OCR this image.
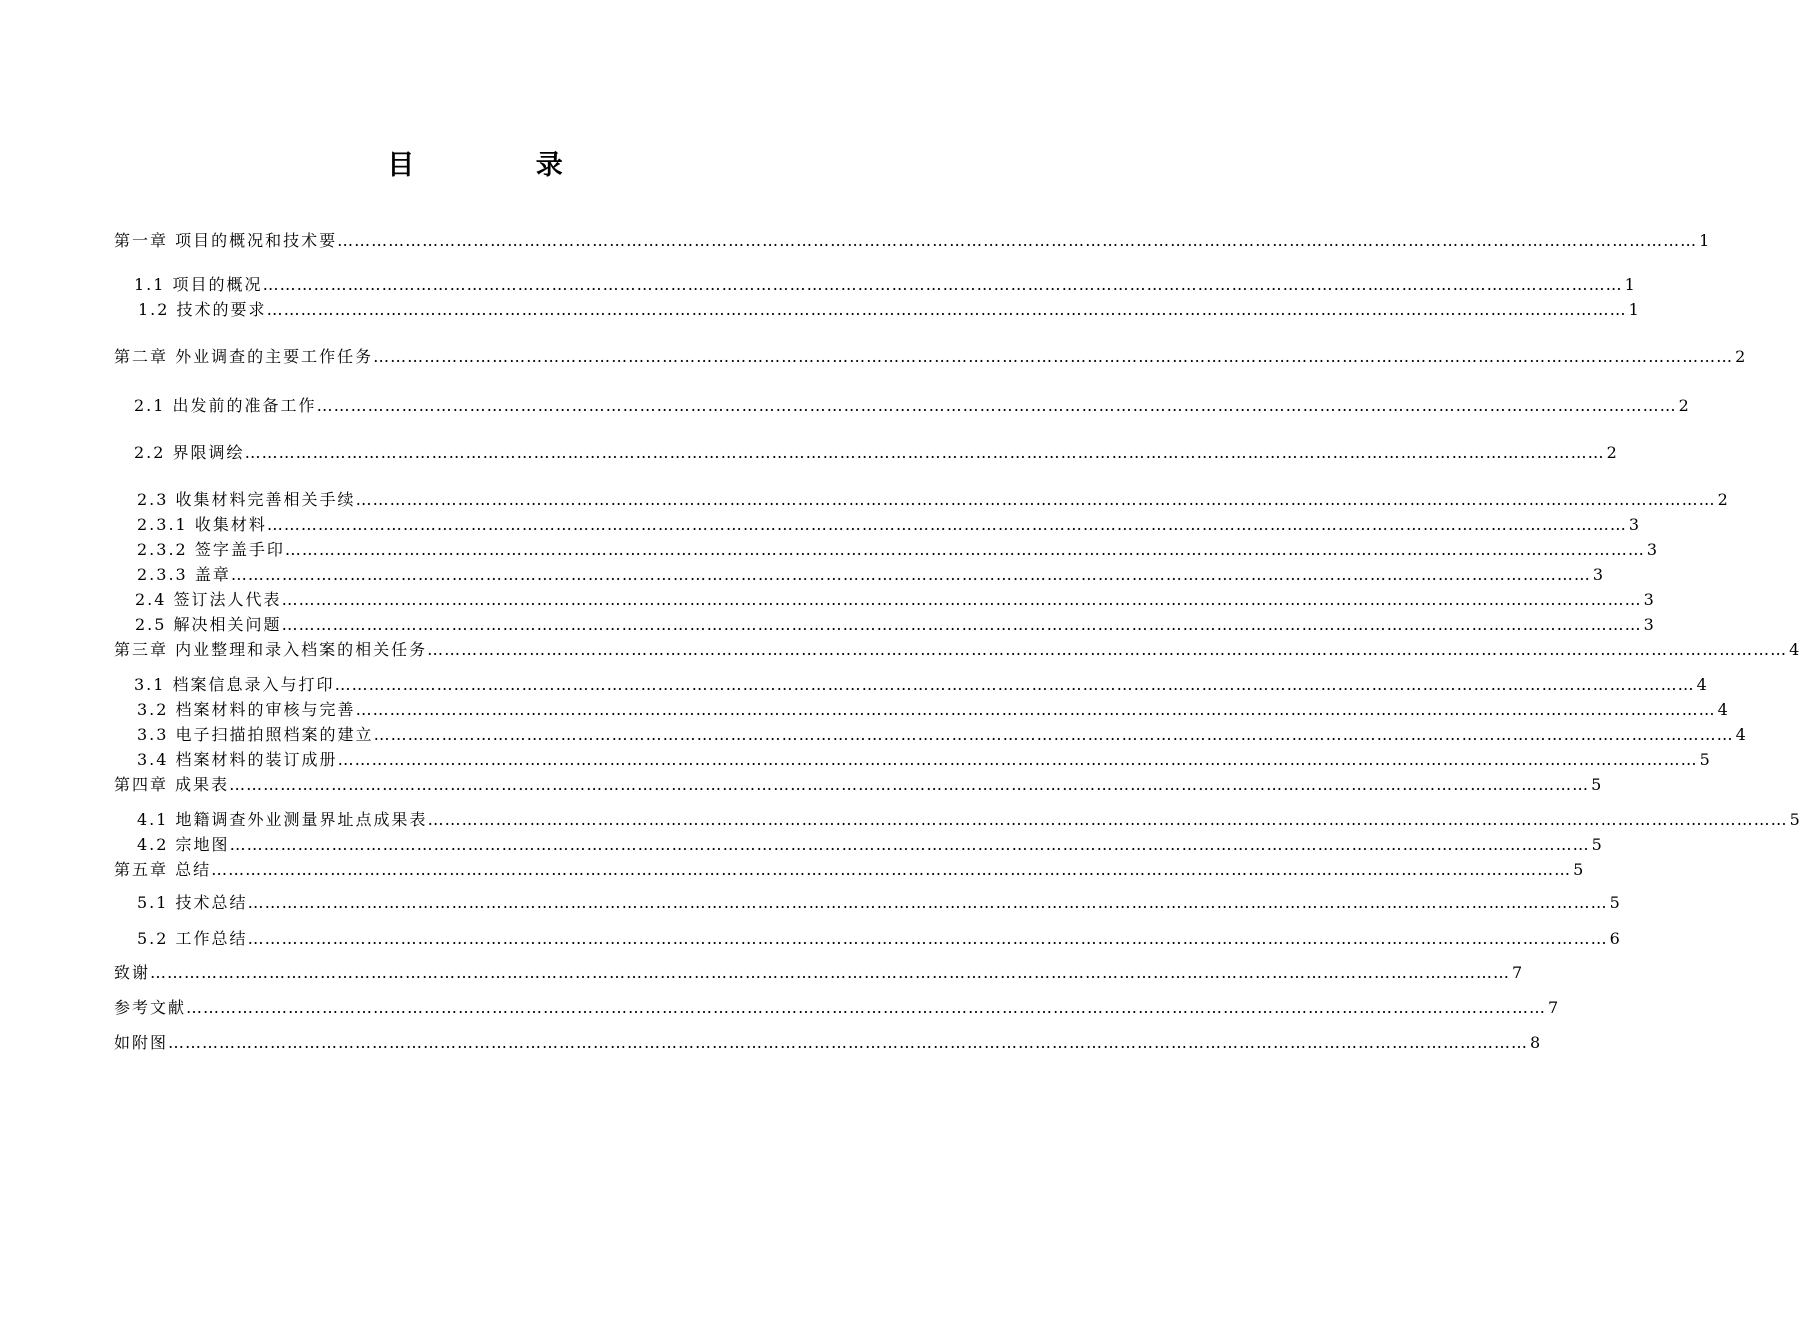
目 录
第一章 项目的概况和技术要 …………………………………………………………………………………………………………………………………………………………………………………………………………………… 1
1.1 项目的概况 …………………………………………………………………………………………………………………………………………………………………………………………………………………… 1
1.2 技术的要求 …………………………………………………………………………………………………………………………………………………………………………………………………………………… 1
第二章 外业调查的主要工作任务 …………………………………………………………………………………………………………………………………………………………………………………………………………………… 2
2.1 出发前的准备工作 …………………………………………………………………………………………………………………………………………………………………………………………………………………… 2
2.2 界限调绘 …………………………………………………………………………………………………………………………………………………………………………………………………………………… 2
2.3 收集材料完善相关手续 …………………………………………………………………………………………………………………………………………………………………………………………………………………… 2
2.3.1 收集材料 …………………………………………………………………………………………………………………………………………………………………………………………………………………… 3
2.3.2 签字盖手印 …………………………………………………………………………………………………………………………………………………………………………………………………………………… 3
2.3.3 盖章 …………………………………………………………………………………………………………………………………………………………………………………………………………………… 3
2.4 签订法人代表 …………………………………………………………………………………………………………………………………………………………………………………………………………………… 3
2.5 解决相关问题 …………………………………………………………………………………………………………………………………………………………………………………………………………………… 3
第三章 内业整理和录入档案的相关任务 …………………………………………………………………………………………………………………………………………………………………………………………………………………… 4
3.1 档案信息录入与打印 …………………………………………………………………………………………………………………………………………………………………………………………………………………… 4
3.2 档案材料的审核与完善 …………………………………………………………………………………………………………………………………………………………………………………………………………………… 4
3.3 电子扫描拍照档案的建立 …………………………………………………………………………………………………………………………………………………………………………………………………………………… 4
3.4 档案材料的装订成册 …………………………………………………………………………………………………………………………………………………………………………………………………………………… 5
第四章 成果表 …………………………………………………………………………………………………………………………………………………………………………………………………………………… 5
4.1 地籍调查外业测量界址点成果表 …………………………………………………………………………………………………………………………………………………………………………………………………………………… 5
4.2 宗地图 …………………………………………………………………………………………………………………………………………………………………………………………………………………… 5
第五章 总结 …………………………………………………………………………………………………………………………………………………………………………………………………………………… 5
5.1 技术总结 …………………………………………………………………………………………………………………………………………………………………………………………………………………… 5
5.2 工作总结 …………………………………………………………………………………………………………………………………………………………………………………………………………………… 6
致谢 …………………………………………………………………………………………………………………………………………………………………………………………………………………… 7
参考文献 …………………………………………………………………………………………………………………………………………………………………………………………………………………… 7
如附图 …………………………………………………………………………………………………………………………………………………………………………………………………………………… 8
